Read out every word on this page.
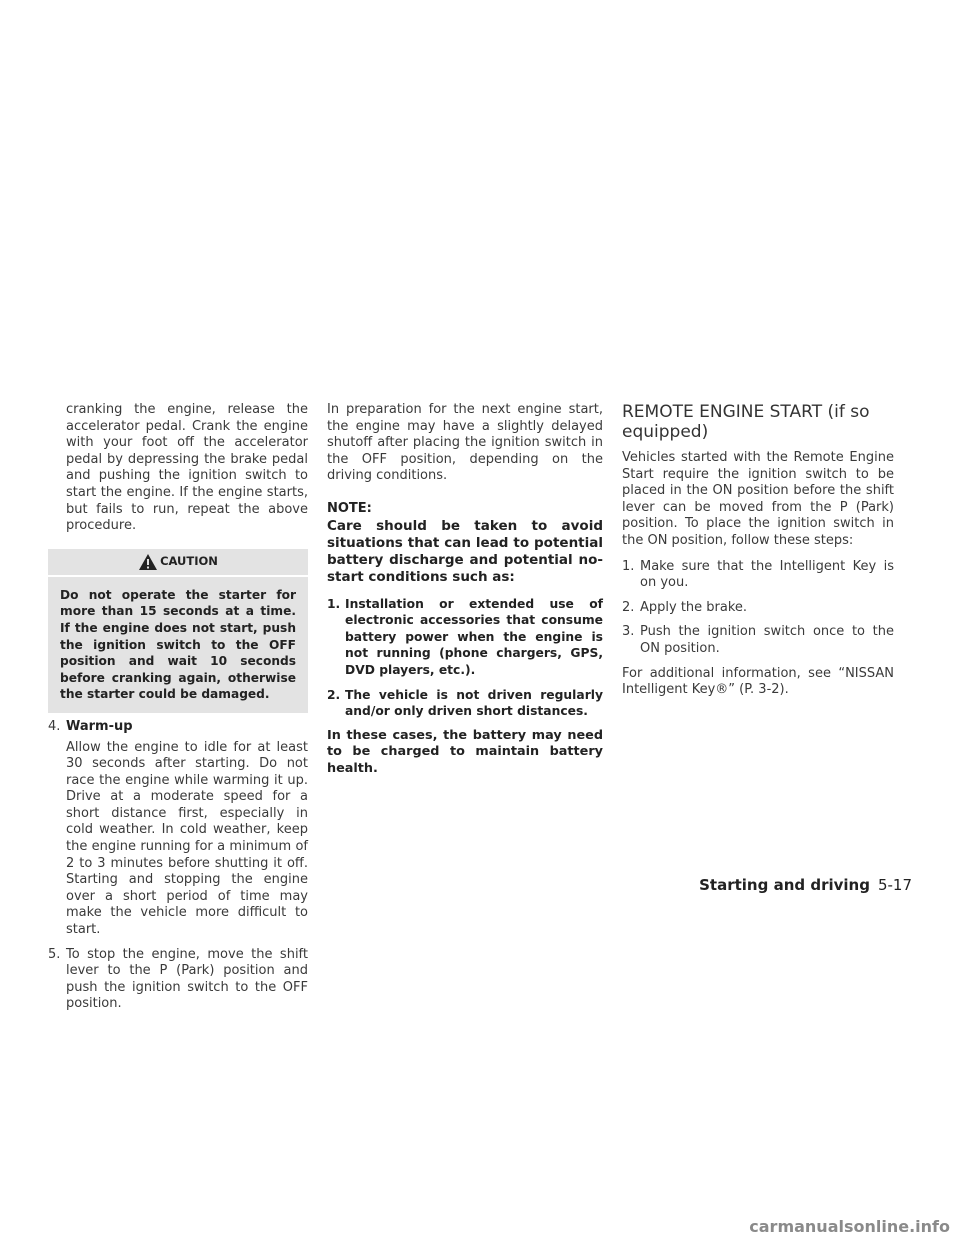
cranking the engine, release the accelerator pedal. Crank the engine with your foot off the accelerator pedal by depressing the brake pedal and pushing the ignition switch to start the engine. If the engine starts, but fails to run, repeat the above procedure.

CAUTION
Do not operate the starter for more than 15 seconds at a time. If the engine does not start, push the ignition switch to the OFF position and wait 10 seconds before cranking again, otherwise the starter could be damaged.
4. Warm-up
Allow the engine to idle for at least 30 seconds after starting. Do not race the engine while warming it up. Drive at a moderate speed for a short distance first, especially in cold weather. In cold weather, keep the engine running for a minimum of 2 to 3 minutes before shutting it off. Starting and stopping the engine over a short period of time may make the vehicle more difficult to start.
5. To stop the engine, move the shift lever to the P (Park) position and push the ignition switch to the OFF position.

In preparation for the next engine start, the engine may have a slightly delayed shutoff after placing the ignition switch in the OFF position, depending on the driving conditions.

NOTE:
Care should be taken to avoid situations that can lead to potential battery discharge and potential no-start conditions such as:
1. Installation or extended use of electronic accessories that consume battery power when the engine is not running (phone chargers, GPS, DVD players, etc.).
2. The vehicle is not driven regularly and/or only driven short distances.
In these cases, the battery may need to be charged to maintain battery health.
REMOTE ENGINE START (if so equipped)

Vehicles started with the Remote Engine Start require the ignition switch to be placed in the ON position before the shift lever can be moved from the P (Park) position. To place the ignition switch in the ON position, follow these steps:

1. Make sure that the Intelligent Key is on you.
2. Apply the brake.
3. Push the ignition switch once to the ON position.

For additional information, see “NISSAN Intelligent Key®” (P. 3-2).

Starting and driving 5-17
carmanualsonline.info
